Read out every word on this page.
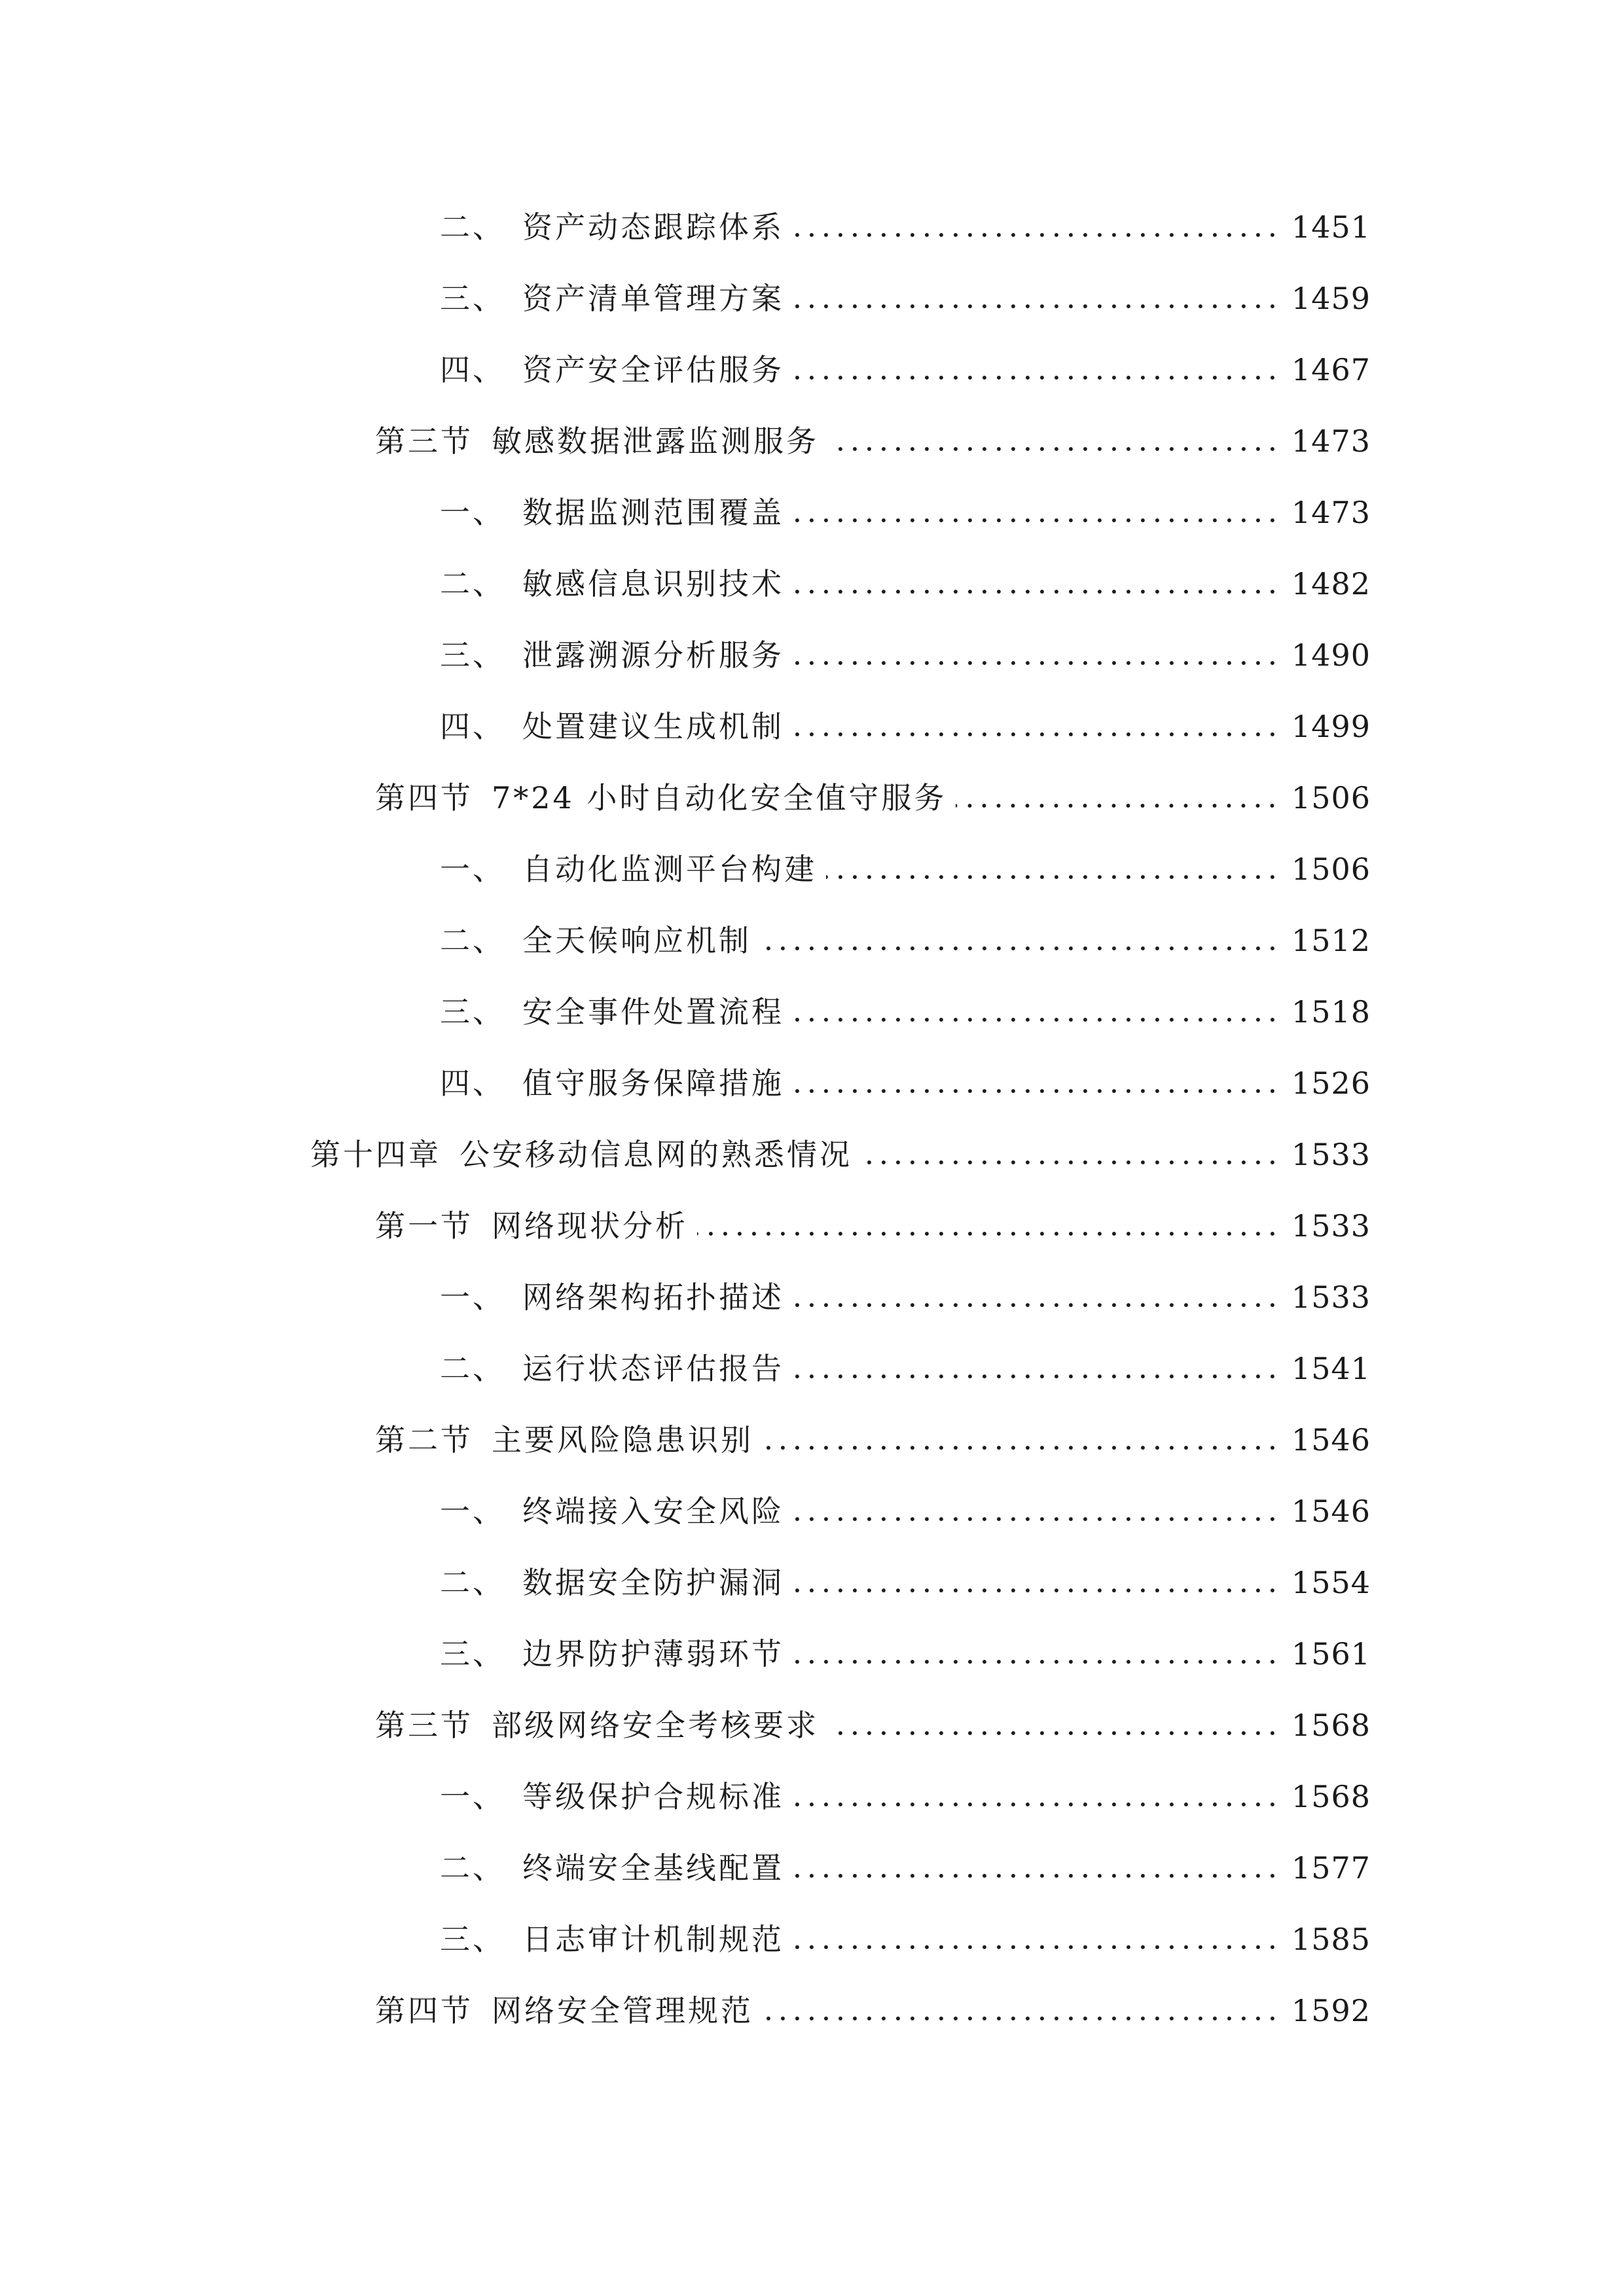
二、 资产动态跟踪体系	1451
三、 资产清单管理方案	1459
四、 资产安全评估服务	1467
第三节 敏感数据泄露监测服务	1473
一、 数据监测范围覆盖	1473
二、 敏感信息识别技术	1482
三、 泄露溯源分析服务	1490
四、 处置建议生成机制	1499
第四节 7*24 小时自动化安全值守服务	1506
一、 自动化监测平台构建	1506
二、 全天候响应机制	1512
三、 安全事件处置流程	1518
四、 值守服务保障措施	1526
第十四章 公安移动信息网的熟悉情况	1533
第一节 网络现状分析	1533
一、 网络架构拓扑描述	1533
二、 运行状态评估报告	1541
第二节 主要风险隐患识别	1546
一、 终端接入安全风险	1546
二、 数据安全防护漏洞	1554
三、 边界防护薄弱环节	1561
第三节 部级网络安全考核要求	1568
一、 等级保护合规标准	1568
二、 终端安全基线配置	1577
三、 日志审计机制规范	1585
第四节 网络安全管理规范	1592
